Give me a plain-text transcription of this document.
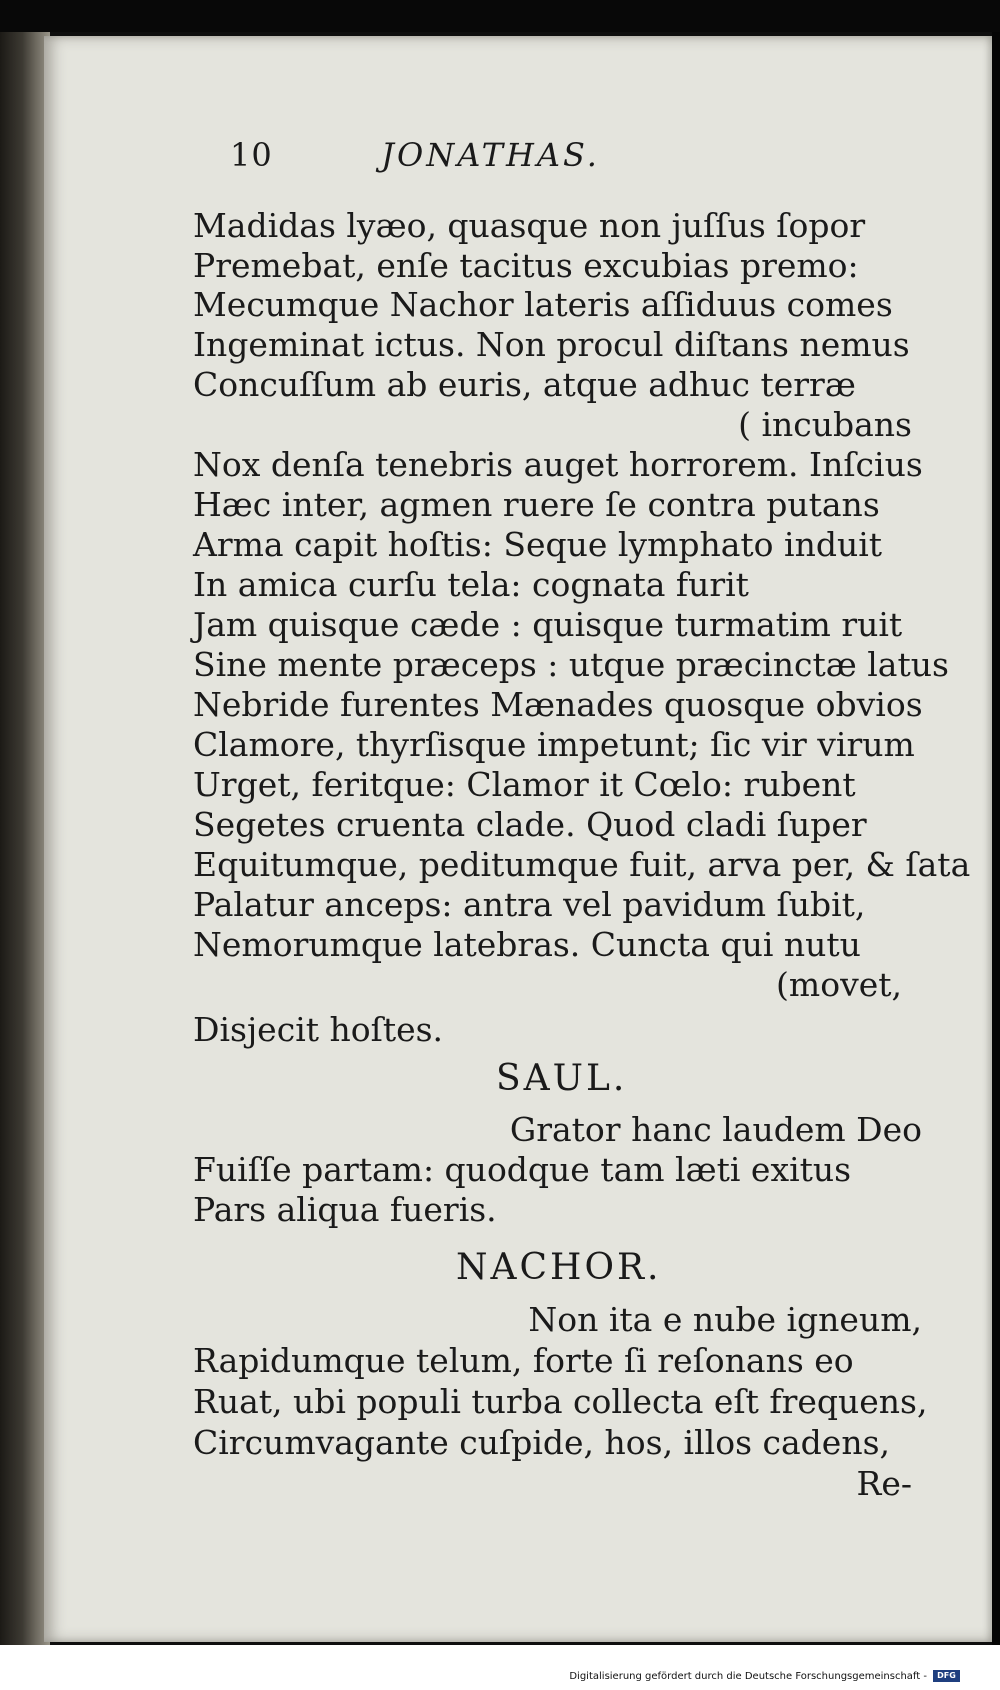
10	JONATHAS.
Madidas lyæo, quasque non juſſus ſopor
Premebat, enſe tacitus excubias premo:
Mecumque Nachor lateris aſſiduus comes
Ingeminat ictus. Non procul diſtans nemus
Concuſſum ab euris, atque adhuc terræ
( incubans
Nox denſa tenebris auget horrorem. Inſcius
Hæc inter, agmen ruere ſe contra putans
Arma capit hoſtis: Seque lymphato induit
In amica curſu tela: cognata furit
Jam quisque cæde : quisque turmatim ruit
Sine mente præceps : utque præcinctæ latus
Nebride furentes Mænades quosque obvios
Clamore, thyrſisque impetunt; ſic vir virum
Urget, feritque: Clamor it Cœlo: rubent
Segetes cruenta clade. Quod cladi ſuper
Equitumque, peditumque fuit, arva per, & ſata
Palatur anceps: antra vel pavidum ſubit,
Nemorumque latebras. Cuncta qui nutu
(movet,
Disjecit hoſtes.
SAUL.
Grator hanc laudem Deo
Fuiſſe partam: quodque tam læti exitus
Pars aliqua fueris.
NACHOR.
Non ita e nube igneum,
Rapidumque telum, forte ſi reſonans eo
Ruat, ubi populi turba collecta eſt frequens,
Circumvagante cuſpide, hos, illos cadens,
Re-
Digitalisierung gefördert durch die Deutsche Forschungsgemeinschaft -	DFG
